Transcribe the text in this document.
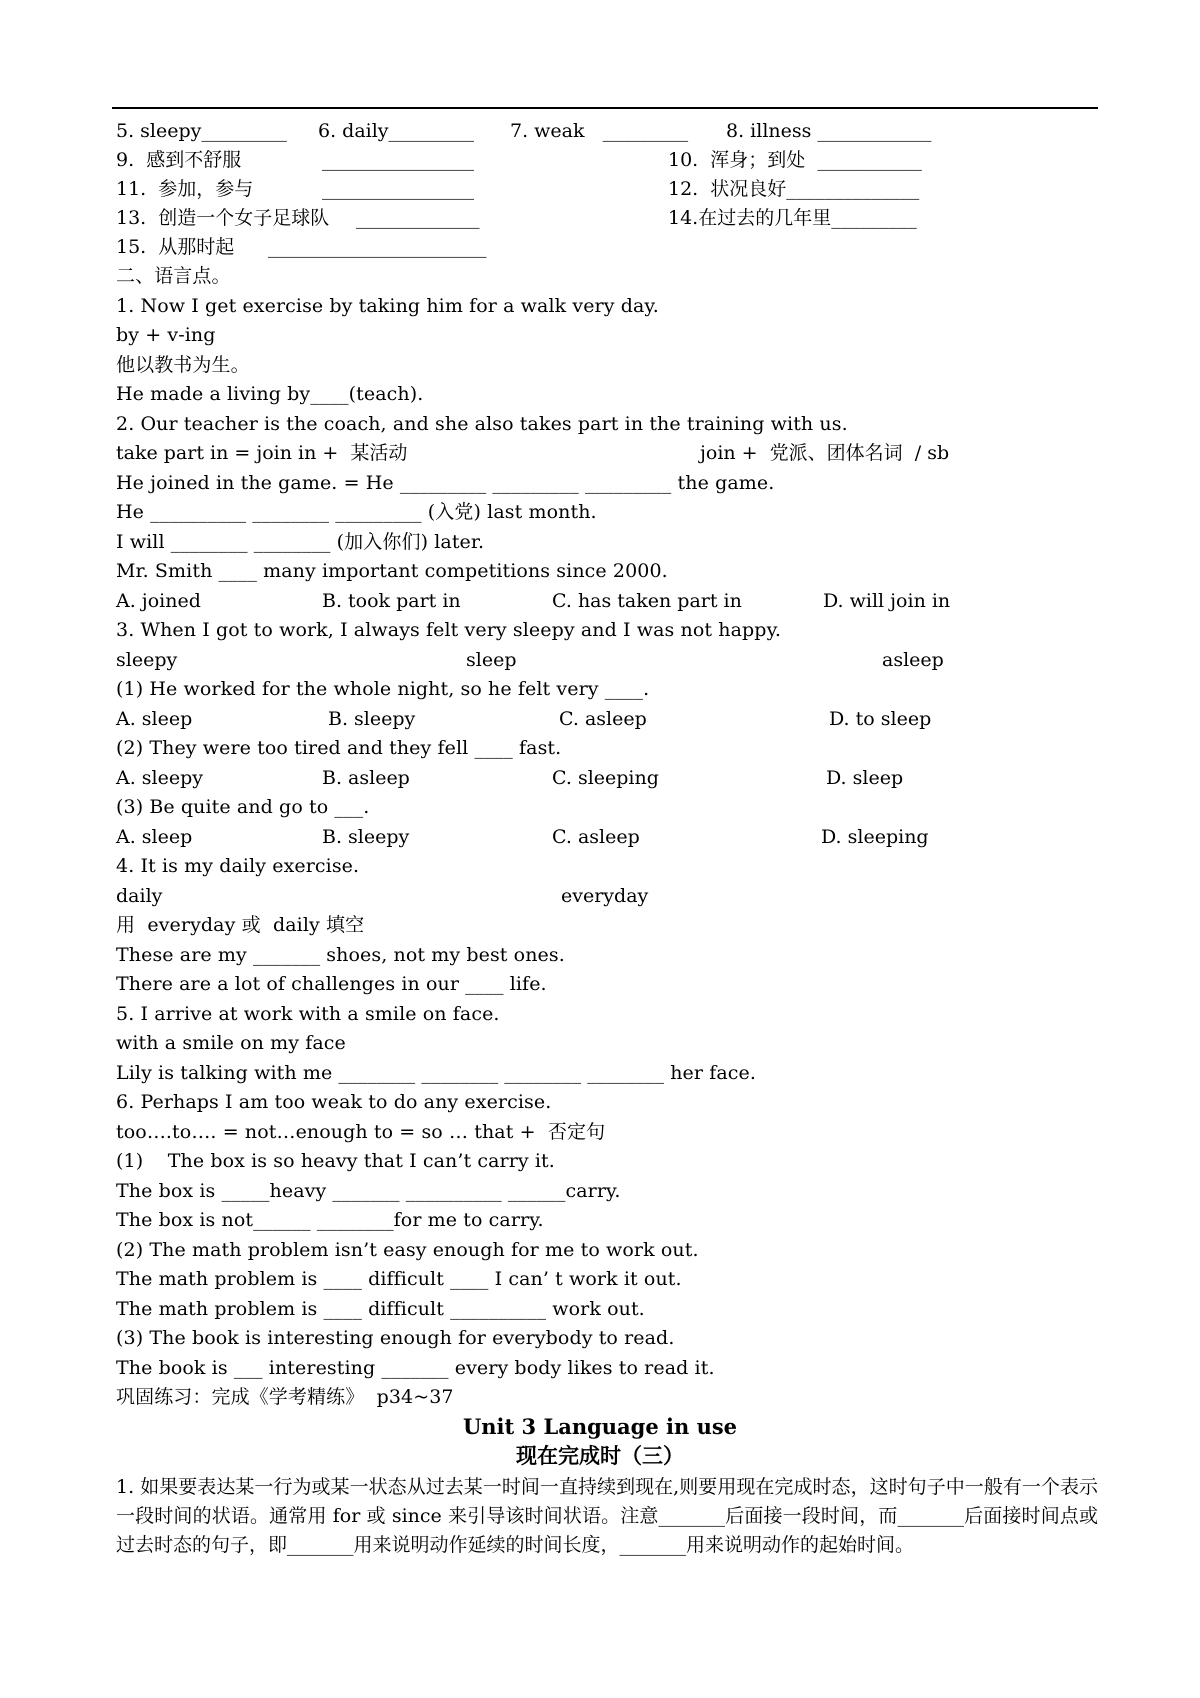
5. sleepy_________ 6. daily_________ 7. weak   _________ 8. illness ____________
9.  感到不舒服	________________	10.  浑身；到处  ___________
11.  参加，参与	________________	12.  状况良好______________
13.  创造一个女子足球队 _____________	14.在过去的几年里_________
15.  从那时起 _______________________
二、语言点。
1. Now I get exercise by taking him for a walk very day.
by + v-ing
他以教书为生。
He made a living by____(teach).
2. Our teacher is the coach, and she also takes part in the training with us.
take part in = join in +  某活动	join +  党派、团体名词  / sb
He joined in the game. = He _________ _________ _________ the game.
He __________ ________ _________ (入党) last month.
I will ________ ________ (加入你们) later.
Mr. Smith ____ many important competitions since 2000.
A. joined	B. took part in	C. has taken part in	D. will join in
3. When I got to work, I always felt very sleepy and I was not happy.
sleepy	sleep	asleep
(1) He worked for the whole night, so he felt very ____.
A. sleep	B. sleepy	C. asleep	D. to sleep
(2) They were too tired and they fell ____ fast.
A. sleepy	B. asleep	C. sleeping	D. sleep
(3) Be quite and go to ___.
A. sleep	B. sleepy	C. asleep	D. sleeping
4. It is my daily exercise.
daily	everyday
用  everyday 或  daily 填空
These are my _______ shoes, not my best ones.
There are a lot of challenges in our ____ life.
5. I arrive at work with a smile on face.
with a smile on my face
Lily is talking with me ________ ________ ________ ________ her face.
6. Perhaps I am too weak to do any exercise.
too….to…. = not…enough to = so … that +  否定句
(1)    The box is so heavy that I can’t carry it.
The box is _____heavy _______ __________ ______carry.
The box is not______ ________for me to carry.
(2) The math problem isn’t easy enough for me to work out.
The math problem is ____ difficult ____ I can’ t work it out.
The math problem is ____ difficult __________ work out.
(3) The book is interesting enough for everybody to read.
The book is ___ interesting _______ every body likes to read it.
巩固练习：完成《学考精练》  p34~37
Unit 3 Language in use
现在完成时（三）
1. 如果要表达某一行为或某一状态从过去某一时间一直持续到现在,则要用现在完成时态，这时句子中一般有一个表示一段时间的状语。通常用 for 或 since 来引导该时间状语。注意_______后面接一段时间，而_______后面接时间点或过去时态的句子，即_______用来说明动作延续的时间长度，_______用来说明动作的起始时间。
